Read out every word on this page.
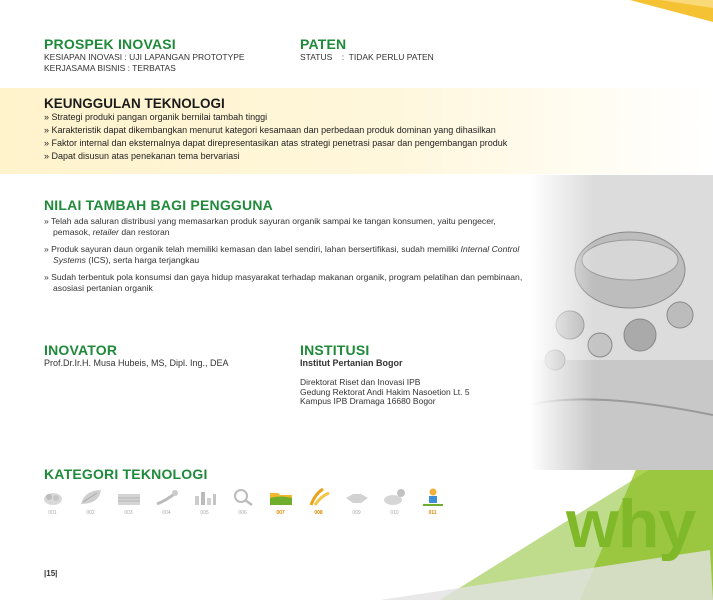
PROSPEK INOVASI
KESIAPAN INOVASI : UJI LAPANGAN PROTOTYPE
KERJASAMA BISNIS : TERBATAS
PATEN
STATUS    :  TIDAK PERLU PATEN
KEUNGGULAN TEKNOLOGI

» Strategi produki pangan organik bernilai tambah tinggi

» Karakteristik dapat dikembangkan menurut kategori kesamaan dan perbedaan produk dominan yang dihasilkan

» Faktor internal dan eksternalnya dapat direpresentasikan atas strategi penetrasi pasar dan pengembangan produk

» Dapat disusun atas penekanan tema bervariasi

NILAI TAMBAH BAGI PENGGUNA

» Telah ada saluran distribusi yang memasarkan produk sayuran organik sampai ke tangan konsumen, yaitu pengecer, pemasok, retailer dan restoran

» Produk sayuran daun organik telah memiliki kemasan dan label sendiri, lahan bersertifikasi, sudah memiliki Internal Control Systems (ICS), serta harga terjangkau

» Sudah terbentuk pola konsumsi dan gaya hidup masyarakat terhadap makanan organik, program pelatihan dan pembinaan, asosiasi pertanian organik

INOVATOR
Prof.Dr.Ir.H. Musa Hubeis, MS, Dipl. Ing., DEA
INSTITUSI
Institut Pertanian Bogor
Direktorat Riset dan Inovasi IPB
Gedung Rektorat Andi Hakim Nasoetion Lt. 5
Kampus IPB Dramaga 16680 Bogor
KATEGORI TEKNOLOGI
001	002	003	004	005	006	007	008	009	010	011 why
|15|
